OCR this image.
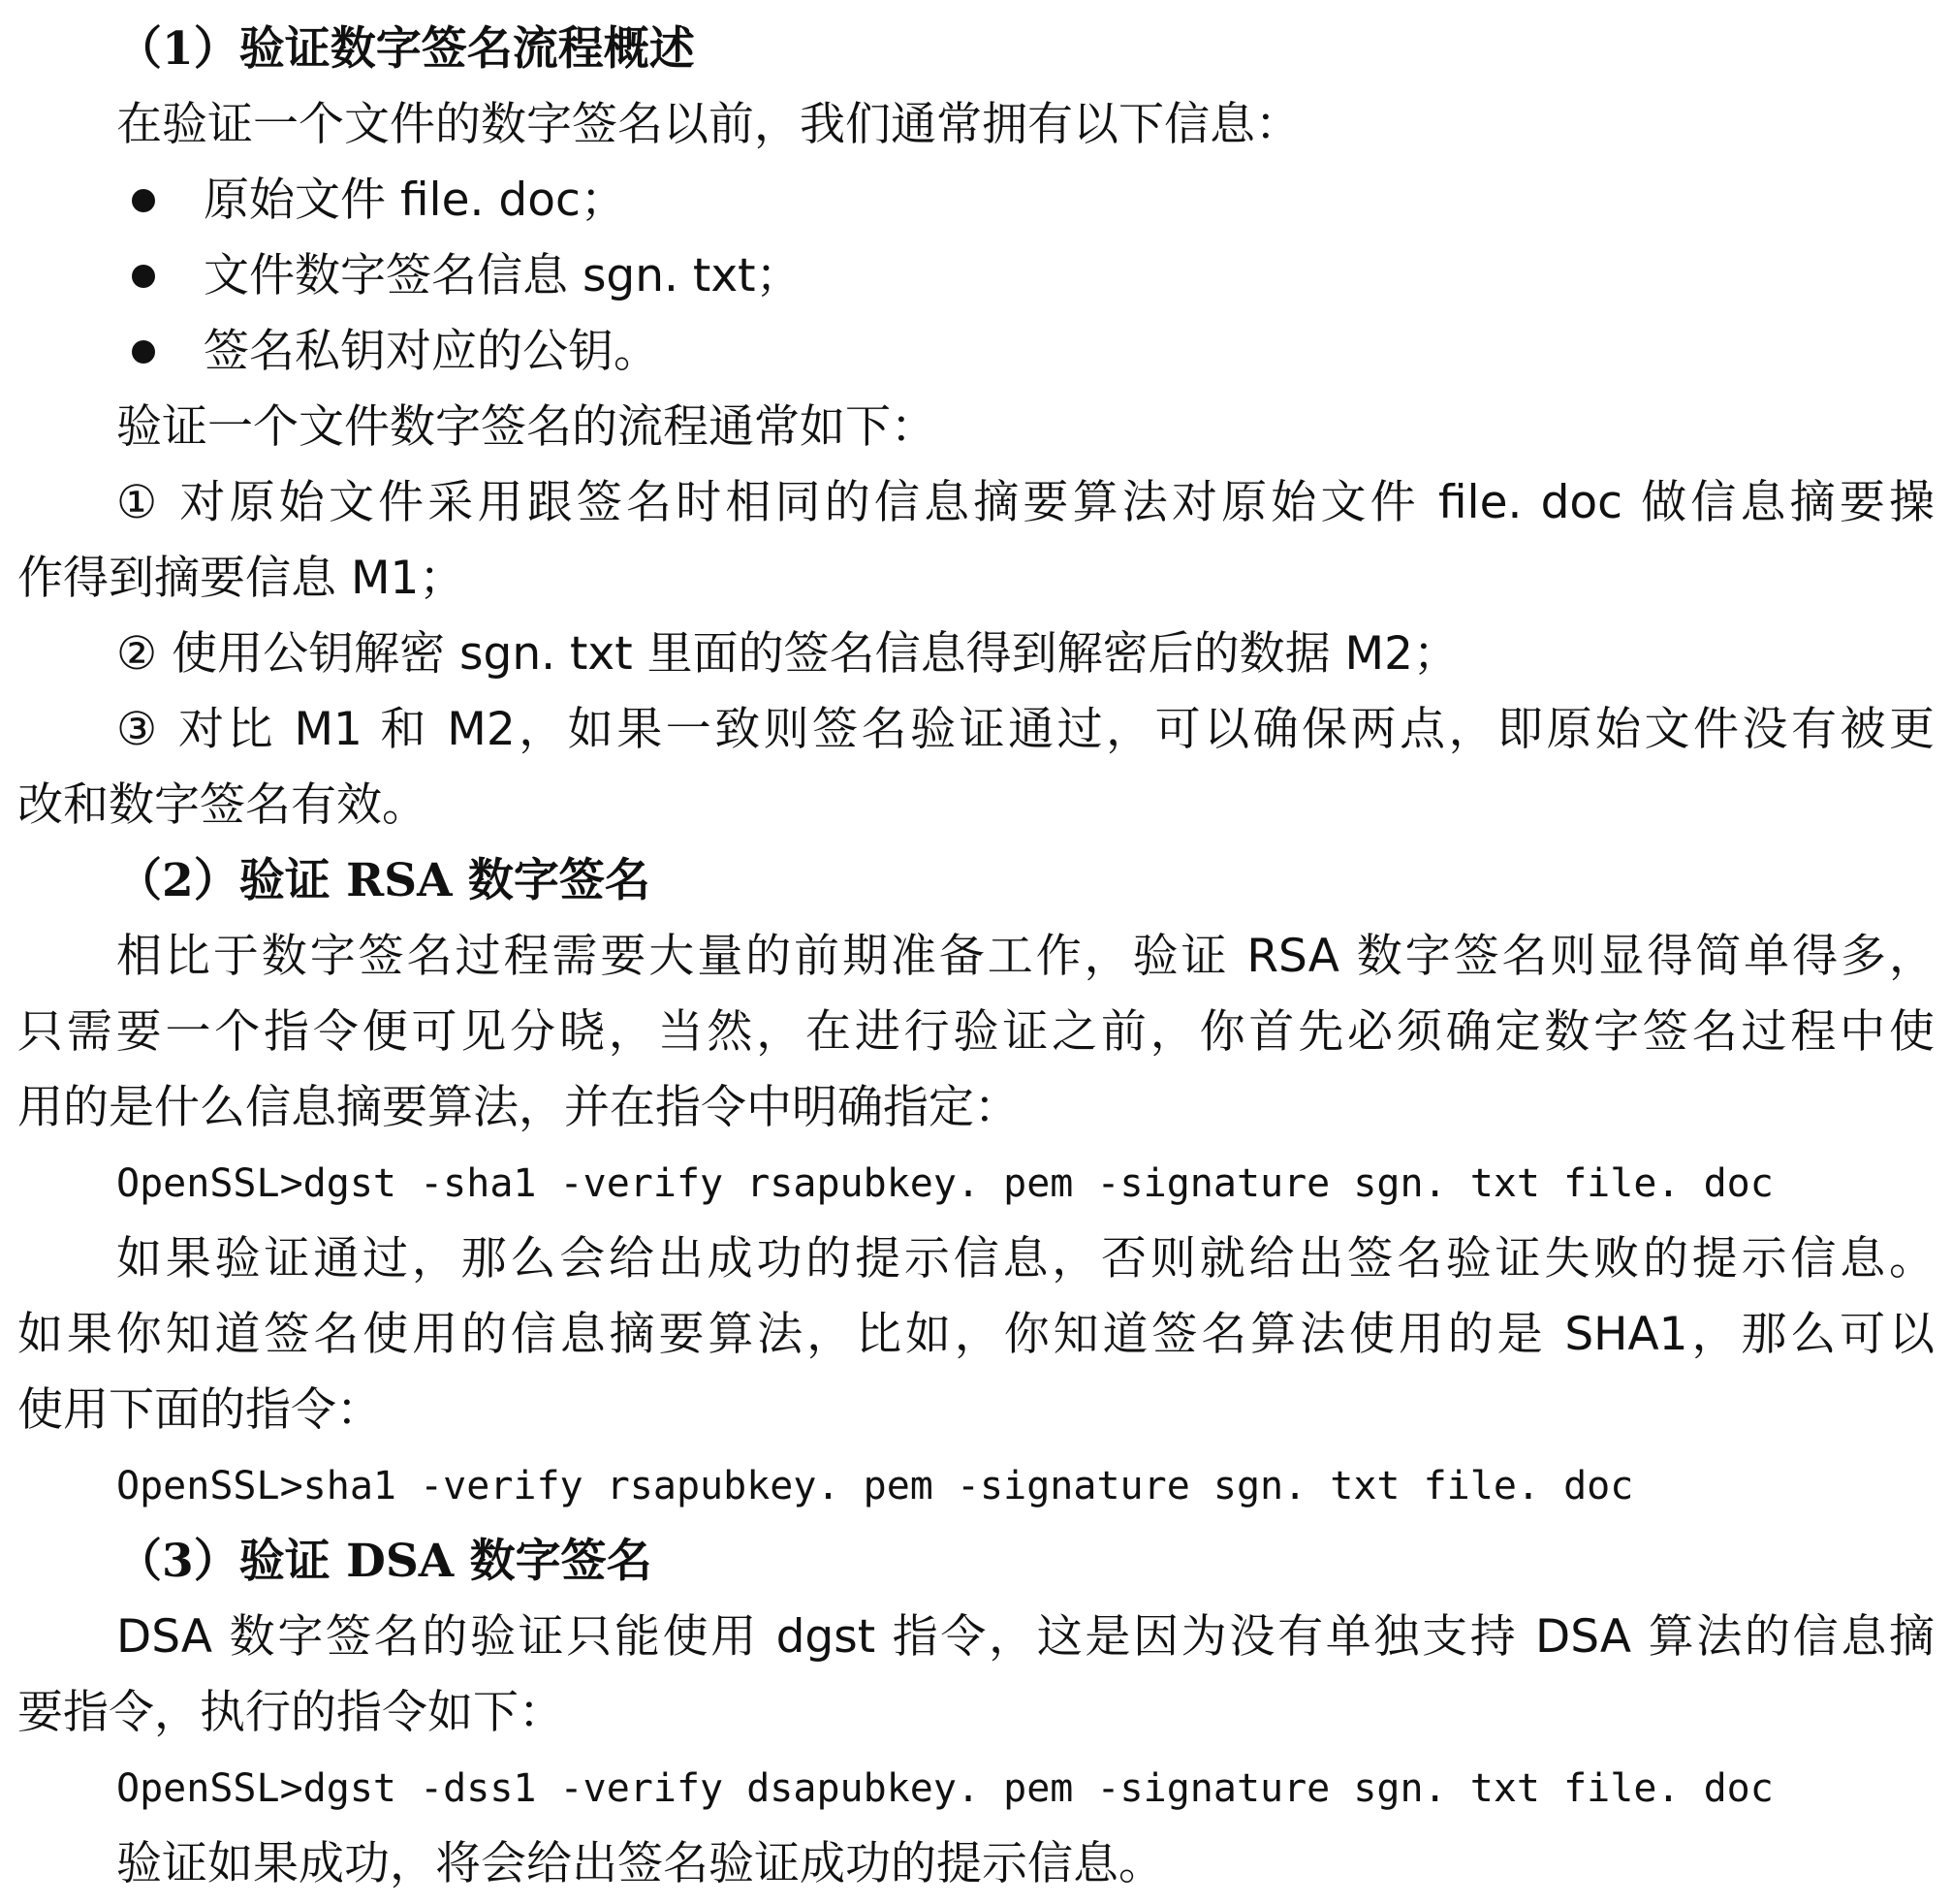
（1）验证数字签名流程概述
在验证一个文件的数字签名以前，我们通常拥有以下信息：
原始文件 file. doc；
文件数字签名信息 sgn. txt；
签名私钥对应的公钥。
验证一个文件数字签名的流程通常如下：
① 对原始文件采用跟签名时相同的信息摘要算法对原始文件 file. doc 做信息摘要操
作得到摘要信息 M1；
② 使用公钥解密 sgn. txt 里面的签名信息得到解密后的数据 M2；
③ 对比 M1 和 M2，如果一致则签名验证通过，可以确保两点，即原始文件没有被更
改和数字签名有效。
（2）验证 RSA 数字签名
相比于数字签名过程需要大量的前期准备工作，验证 RSA 数字签名则显得简单得多，
只需要一个指令便可见分晓，当然，在进行验证之前，你首先必须确定数字签名过程中使
用的是什么信息摘要算法，并在指令中明确指定：
OpenSSL>dgst -sha1 -verify rsapubkey. pem -signature sgn. txt file. doc
如果验证通过，那么会给出成功的提示信息，否则就给出签名验证失败的提示信息。
如果你知道签名使用的信息摘要算法，比如，你知道签名算法使用的是 SHA1，那么可以
使用下面的指令：
OpenSSL>sha1 -verify rsapubkey. pem -signature sgn. txt file. doc
（3）验证 DSA 数字签名
DSA 数字签名的验证只能使用 dgst 指令，这是因为没有单独支持 DSA 算法的信息摘
要指令，执行的指令如下：
OpenSSL>dgst -dss1 -verify dsapubkey. pem -signature sgn. txt file. doc
验证如果成功，将会给出签名验证成功的提示信息。
